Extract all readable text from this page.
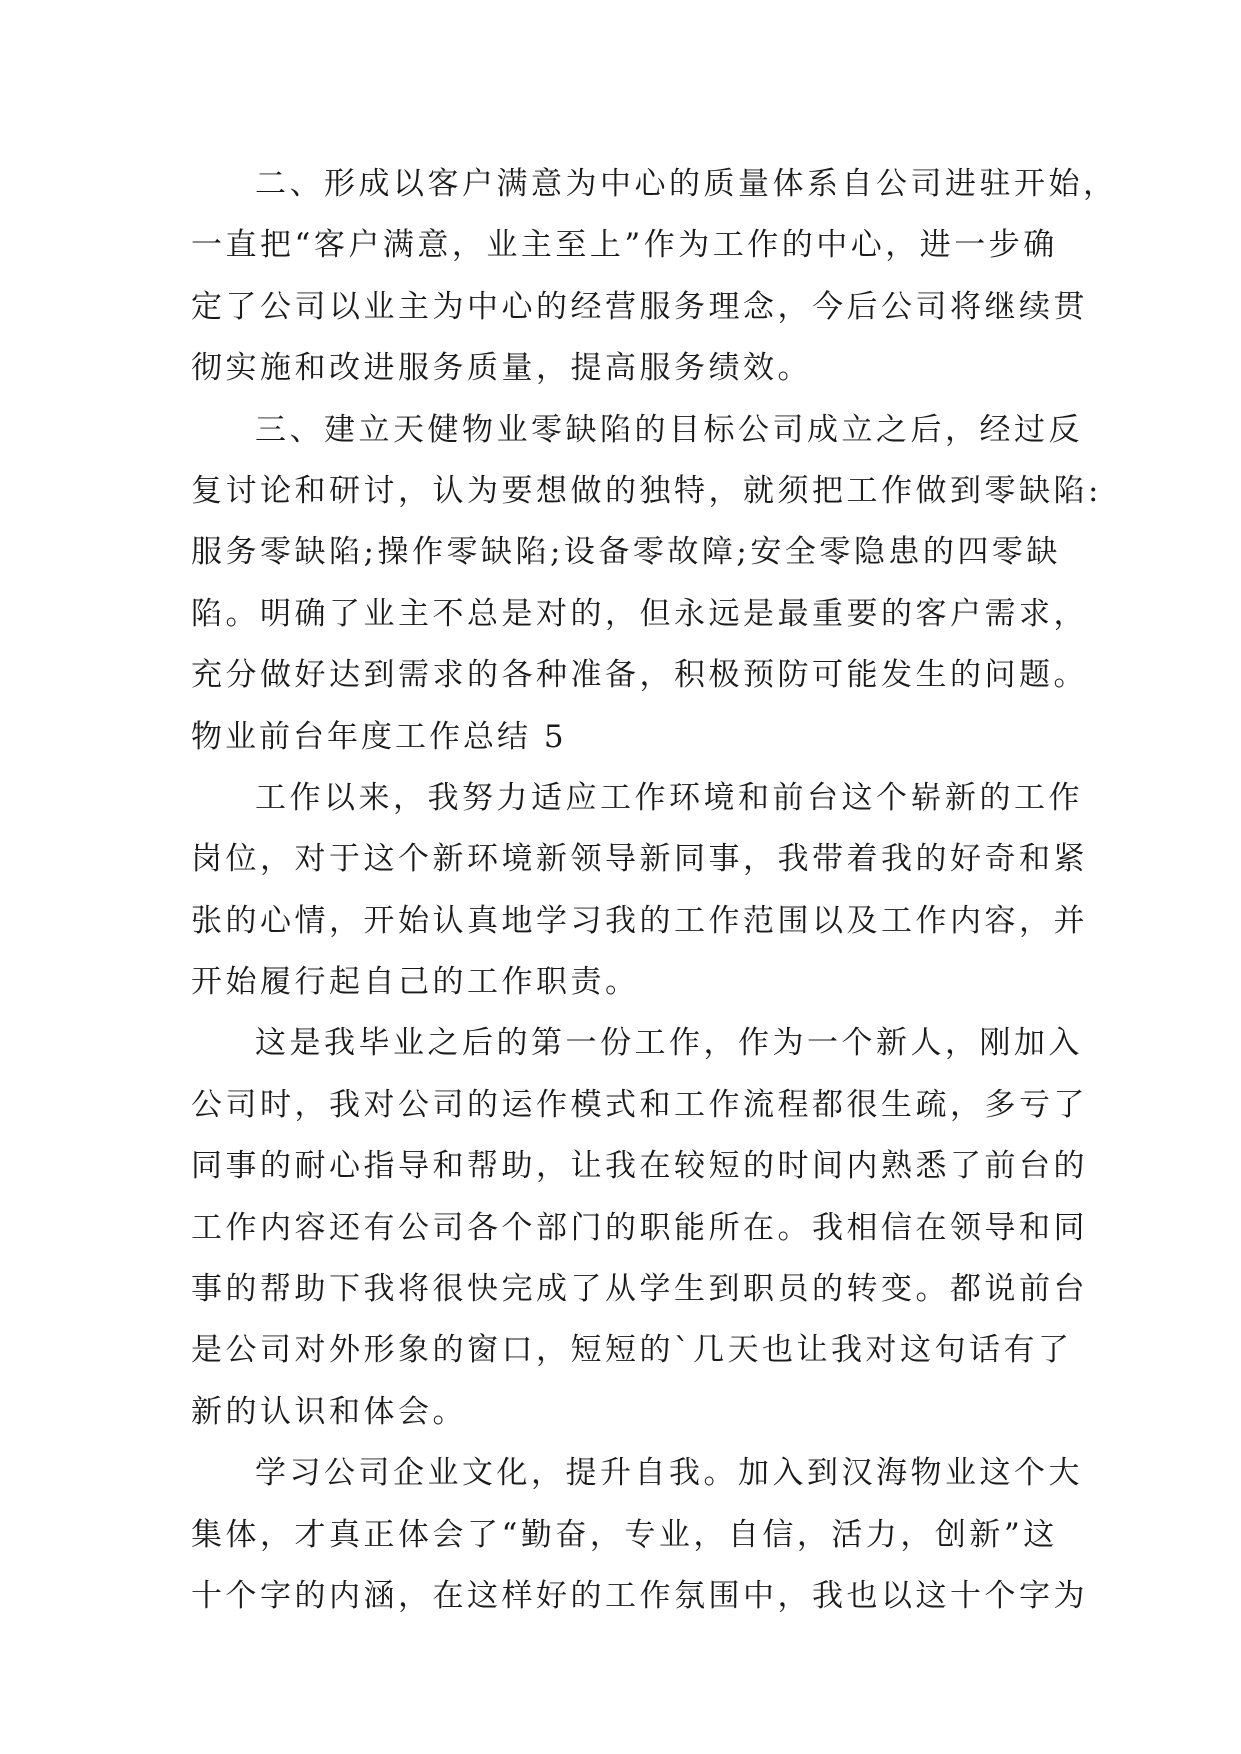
二、形成以客户满意为中心的质量体系自公司进驻开始，
一直把“客户满意，业主至上”作为工作的中心，进一步确
定了公司以业主为中心的经营服务理念，今后公司将继续贯
彻实施和改进服务质量，提高服务绩效。
三、建立天健物业零缺陷的目标公司成立之后，经过反
复讨论和研讨，认为要想做的独特，就须把工作做到零缺陷:
服务零缺陷;操作零缺陷;设备零故障;安全零隐患的四零缺
陷。明确了业主不总是对的，但永远是最重要的客户需求，
充分做好达到需求的各种准备，积极预防可能发生的问题。
物业前台年度工作总结 5
工作以来，我努力适应工作环境和前台这个崭新的工作
岗位，对于这个新环境新领导新同事，我带着我的好奇和紧
张的心情，开始认真地学习我的工作范围以及工作内容，并
开始履行起自己的工作职责。
这是我毕业之后的第一份工作，作为一个新人，刚加入
公司时，我对公司的运作模式和工作流程都很生疏，多亏了
同事的耐心指导和帮助，让我在较短的时间内熟悉了前台的
工作内容还有公司各个部门的职能所在。我相信在领导和同
事的帮助下我将很快完成了从学生到职员的转变。都说前台
是公司对外形象的窗口，短短的`几天也让我对这句话有了
新的认识和体会。
学习公司企业文化，提升自我。加入到汉海物业这个大
集体，才真正体会了“勤奋，专业，自信，活力，创新”这
十个字的内涵，在这样好的工作氛围中，我也以这十个字为
